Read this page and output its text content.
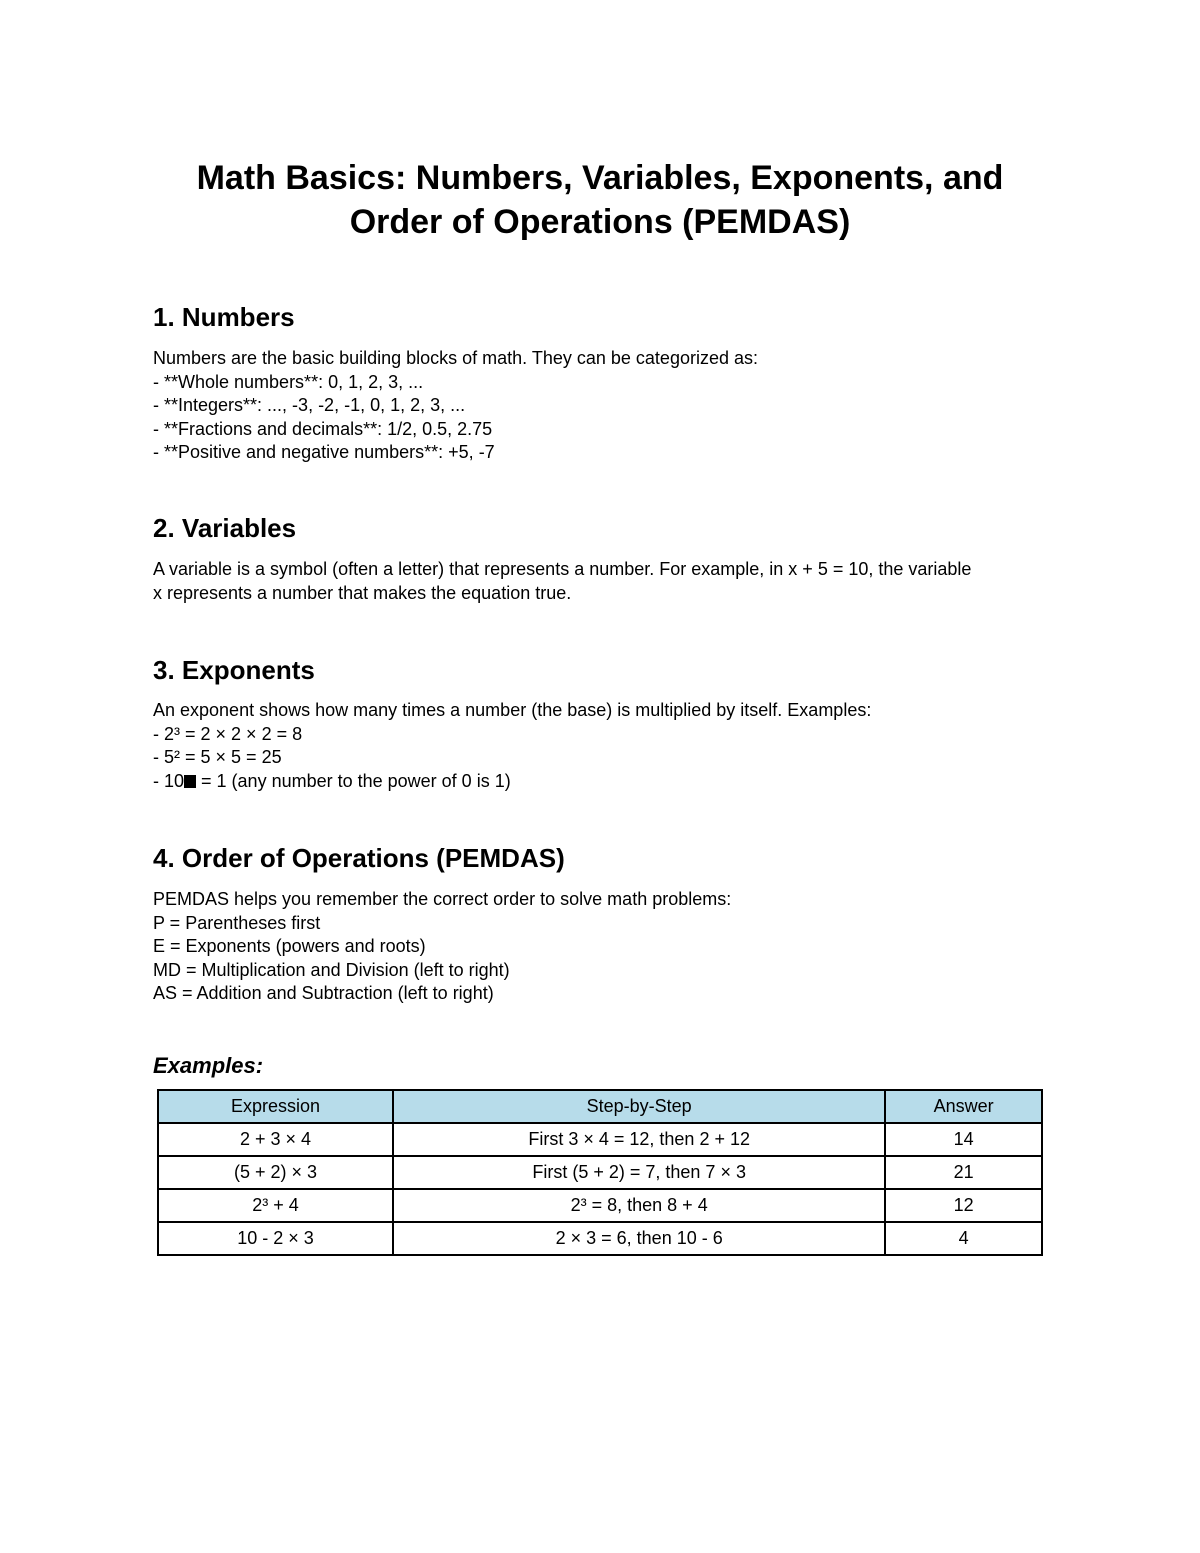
Math Basics: Numbers, Variables, Exponents, and
Order of Operations (PEMDAS)
1. Numbers
Numbers are the basic building blocks of math. They can be categorized as:
- **Whole numbers**: 0, 1, 2, 3, ...
- **Integers**: ..., -3, -2, -1, 0, 1, 2, 3, ...
- **Fractions and decimals**: 1/2, 0.5, 2.75
- **Positive and negative numbers**: +5, -7
2. Variables
A variable is a symbol (often a letter) that represents a number. For example, in x + 5 = 10, the variable
x represents a number that makes the equation true.
3. Exponents
An exponent shows how many times a number (the base) is multiplied by itself. Examples:
- 2³ = 2 × 2 × 2 = 8
- 5² = 5 × 5 = 25
- 10 = 1 (any number to the power of 0 is 1)
4. Order of Operations (PEMDAS)
PEMDAS helps you remember the correct order to solve math problems:
P = Parentheses first
E = Exponents (powers and roots)
MD = Multiplication and Division (left to right)
AS = Addition and Subtraction (left to right)
Examples:
Expression	Step-by-Step	Answer
2 + 3 × 4	First 3 × 4 = 12, then 2 + 12	14
(5 + 2) × 3	First (5 + 2) = 7, then 7 × 3	21
2³ + 4	2³ = 8, then 8 + 4	12
10 - 2 × 3	2 × 3 = 6, then 10 - 6	4
